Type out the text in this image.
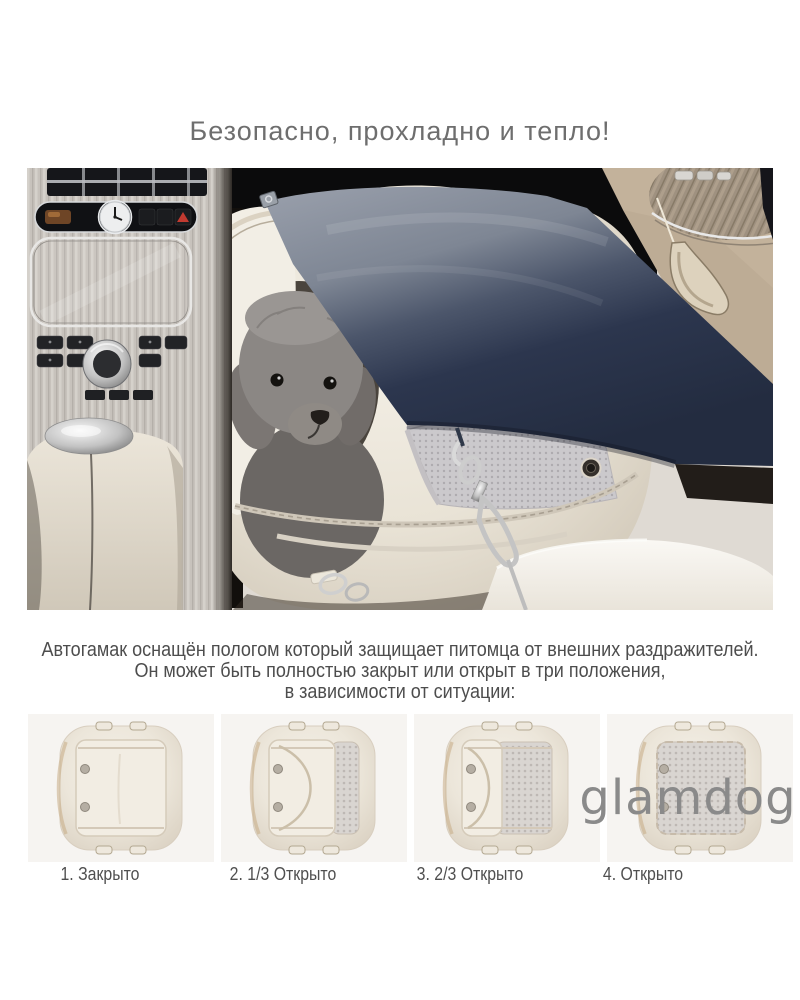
Безопасно, прохладно и тепло!
Автогамак оснащён пологом который защищает питомца от внешних раздражителей.
Он может быть полностью закрыт или открыт в три положения,
в зависимости от ситуации:
1. Закрыто	2. 1/3 Открыто	3. 2/3 Открыто	4. Открыто
glamdog
